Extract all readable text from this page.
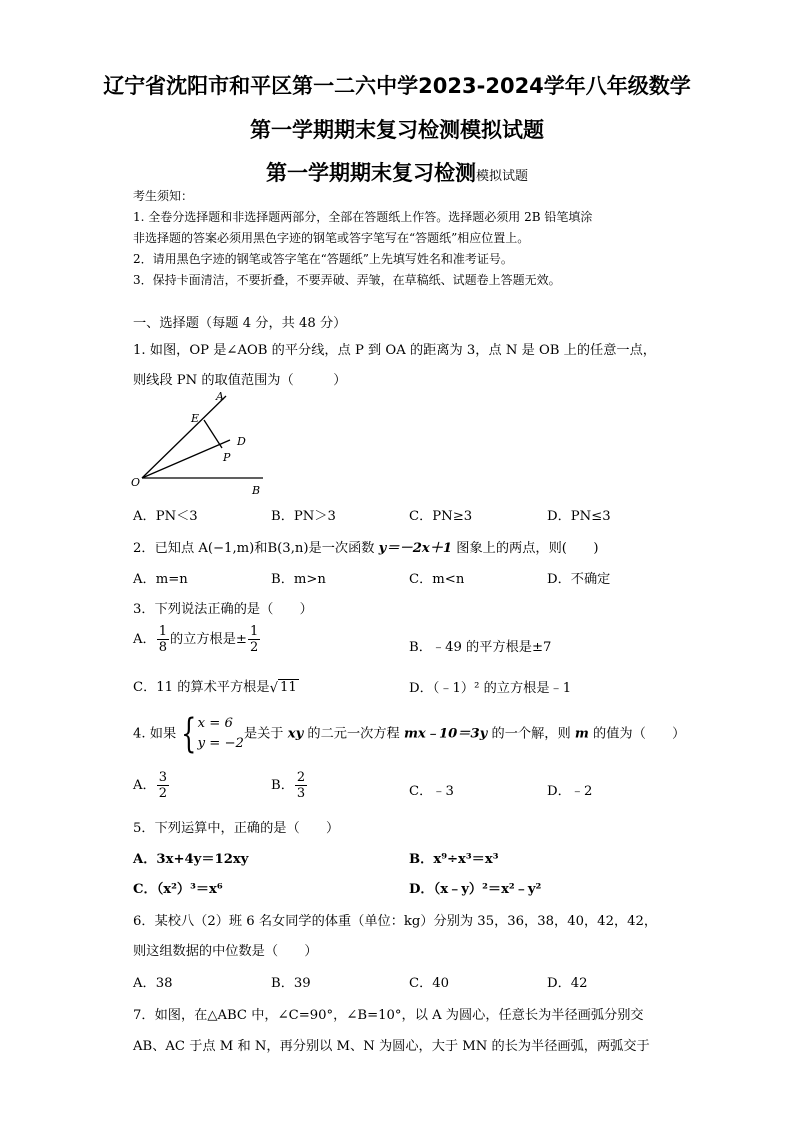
辽宁省沈阳市和平区第一二六中学2023-2024学年八年级数学
第一学期期末复习检测模拟试题
第一学期期末复习检测模拟试题
考生须知：
1. 全卷分选择题和非选择题两部分，全部在答题纸上作答。选择题必须用 2B 铅笔填涂
非选择题的答案必须用黑色字迹的钢笔或答字笔写在“答题纸”相应位置上。
2．请用黑色字迹的钢笔或答字笔在“答题纸”上先填写姓名和准考证号。
3．保持卡面清洁，不要折叠，不要弄破、弄皱，在草稿纸、试题卷上答题无效。
一、选择题（每题 4 分，共 48 分）
1. 如图，OP 是∠AOB 的平分线，点 P 到 OA 的距离为 3，点 N 是 OB 上的任意一点，
则线段 PN 的取值范围为（　　　）
A
E
D
P
O
B
A．PN＜3	B．PN＞3	C．PN≥3	D．PN≤3
2．已知点 A(−1,m)和B(3,n)是一次函数 y＝－2x＋1 图象上的两点，则(　　)
A．m=n	B．m>n	C．m<n	D．不确定
3．下列说法正确的是（　　）
A． $\frac{1}{8}$ 的立方根是± $\frac{1}{2}$	B．﹣49 的平方根是±7
C．11 的算术平方根是 √ 11	D．（﹣1）² 的立方根是﹣1
4. 如果 { x = 6
y = −2
是关于 xy 的二元一次方程 mx﹣10＝3y 的一个解，则 m 的值为（　　）
A． $\frac{3}{2}$	B． $\frac{2}{3}$	C．﹣3	D．﹣2
5．下列运算中，正确的是（　　）
A．3x+4y＝12xy	B．x⁹÷x³＝x³
C．（x²）³＝x⁶	D．（x﹣y）²＝x²﹣y²
6．某校八（2）班 6 名女同学的体重（单位：kg）分别为 35，36，38，40，42，42，
则这组数据的中位数是（　　）
A．38	B．39	C．40	D．42
7．如图，在△ABC 中，∠C=90°，∠B=10°，以 A 为圆心，任意长为半径画弧分别交
AB、AC 于点 M 和 N，再分别以 M、N 为圆心，大于 MN 的长为半径画弧，两弧交于
